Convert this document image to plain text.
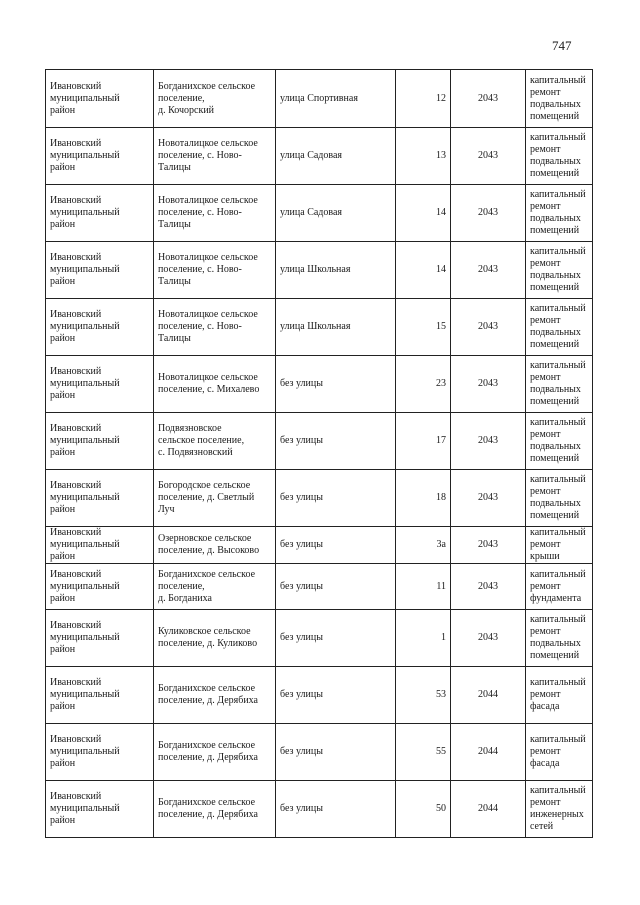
747
Ивановский
муниципальный
район	Богданихское сельское
поселение,
д. Кочорский	улица Спортивная	12	2043	капитальный
ремонт
подвальных
помещений
Ивановский
муниципальный
район	Новоталицкое сельское
поселение, с. Ново-
Талицы	улица Садовая	13	2043	капитальный
ремонт
подвальных
помещений
Ивановский
муниципальный
район	Новоталицкое сельское
поселение, с. Ново-
Талицы	улица Садовая	14	2043	капитальный
ремонт
подвальных
помещений
Ивановский
муниципальный
район	Новоталицкое сельское
поселение, с. Ново-
Талицы	улица Школьная	14	2043	капитальный
ремонт
подвальных
помещений
Ивановский
муниципальный
район	Новоталицкое сельское
поселение, с. Ново-
Талицы	улица Школьная	15	2043	капитальный
ремонт
подвальных
помещений
Ивановский
муниципальный
район	Новоталицкое сельское
поселение, с. Михалево	без улицы	23	2043	капитальный
ремонт
подвальных
помещений
Ивановский
муниципальный
район	Подвязновское
сельское поселение,
с. Подвязновский	без улицы	17	2043	капитальный
ремонт
подвальных
помещений
Ивановский
муниципальный
район	Богородское сельское
поселение, д. Светлый
Луч	без улицы	18	2043	капитальный
ремонт
подвальных
помещений
Ивановский
муниципальный
район	Озерновское сельское
поселение, д. Высоково	без улицы	3а	2043	капитальный
ремонт крыши
Ивановский
муниципальный
район	Богданихское сельское
поселение,
д. Богданиха	без улицы	11	2043	капитальный
ремонт
фундамента
Ивановский
муниципальный
район	Куликовское сельское
поселение, д. Куликово	без улицы	1	2043	капитальный
ремонт
подвальных
помещений
Ивановский
муниципальный
район	Богданихское сельское
поселение, д. Дерябиха	без улицы	53	2044	капитальный
ремонт фасада
Ивановский
муниципальный
район	Богданихское сельское
поселение, д. Дерябиха	без улицы	55	2044	капитальный
ремонт фасада
Ивановский
муниципальный
район	Богданихское сельское
поселение, д. Дерябиха	без улицы	50	2044	капитальный
ремонт
инженерных
сетей
